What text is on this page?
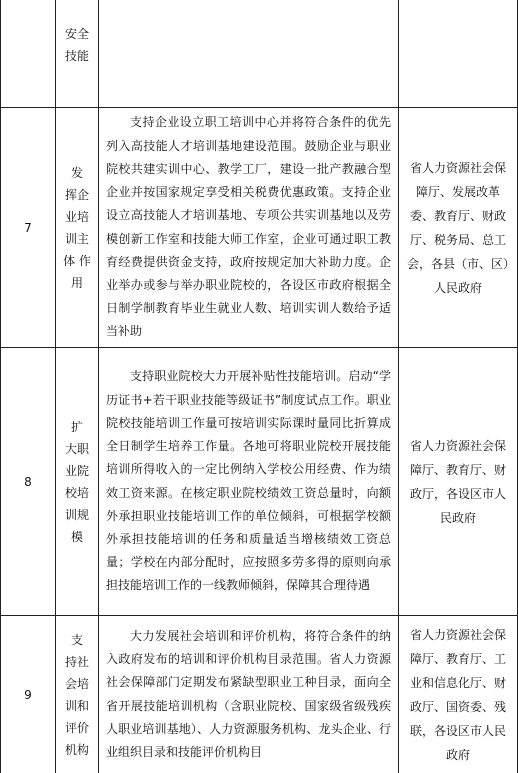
安全
技能
7
发
挥企
业培
训主
体 作
用

支持企业设立职工培训中心并将符合条件的优先列入高技能人才培训基地建设范围。鼓励企业与职业院校共建实训中心、教学工厂，建设一批产教融合型企业并按国家规定享受相关税费优惠政策。支持企业设立高技能人才培训基地、专项公共实训基地以及劳模创新工作室和技能大师工作室，企业可通过职工教育经费提供资金支持，政府按规定加大补助力度。企业举办或参与举办职业院校的，各设区市政府根据全日制学制教育毕业生就业人数、培训实训人数给予适当补助

省人力资源社会保障厅、发展改革委、教育厅、财政厅、税务局、总工会，各县（市、区）人民政府
8
扩
大职
业院
校培
训规
模

支持职业院校大力开展补贴性技能培训。启动“学历证书+若干职业技能等级证书”制度试点工作。职业院校技能培训工作量可按培训实际课时量同比折算成全日制学生培养工作量。各地可将职业院校开展技能培训所得收入的一定比例纳入学校公用经费、作为绩效工资来源。在核定职业院校绩效工资总量时，向额外承担职业技能培训工作的单位倾斜，可根据学校额外承担技能培训的任务和质量适当增核绩效工资总量；学校在内部分配时，应按照多劳多得的原则向承担技能培训工作的一线教师倾斜，保障其合理待遇

省人力资源社会保障厅、教育厅、财政厅，各设区市人民政府
9
支
持社
会培
训和
评价
机构

大力发展社会培训和评价机构，将符合条件的纳入政府发布的培训和评价机构目录范围。省人力资源社会保障部门定期发布紧缺型职业工种目录，面向全省开展技能培训机构（含职业院校、国家级省级残疾人职业培训基地）、人力资源服务机构、龙头企业、行业组织目录和技能评价机构目

省人力资源社会保障厅、教育厅、工业和信息化厅、财政厅、国资委、残联，各设区市人民政府
